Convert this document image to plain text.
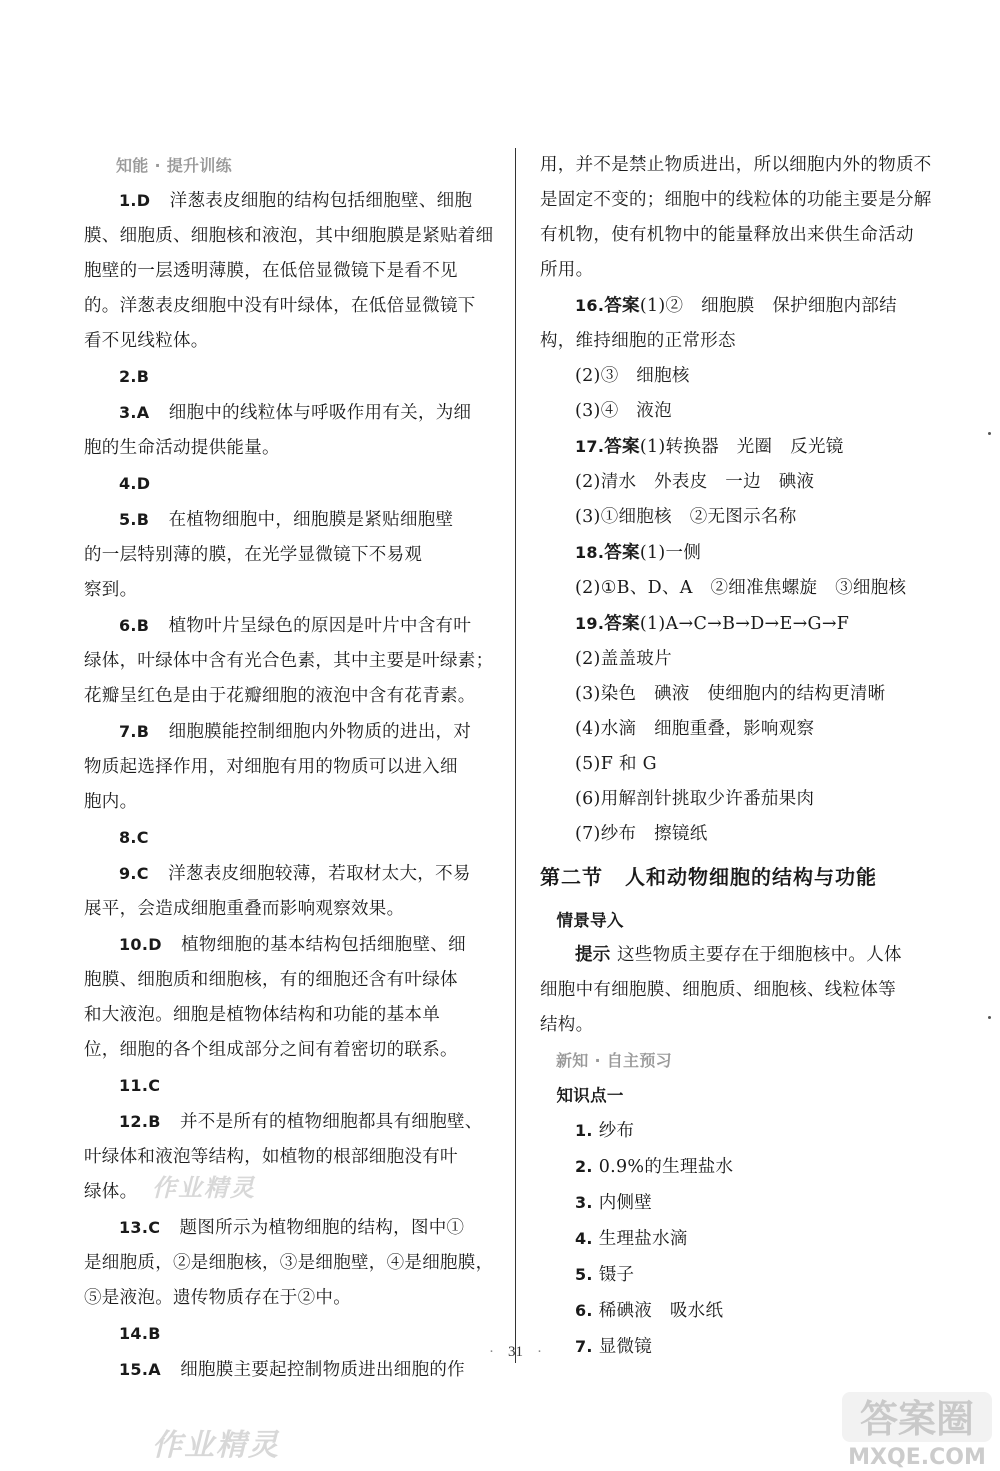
知能 · 提升训练

1.D 洋葱表皮细胞的结构包括细胞壁、细胞

膜、细胞质、细胞核和液泡，其中细胞膜是紧贴着细

胞壁的一层透明薄膜，在低倍显微镜下是看不见

的。洋葱表皮细胞中没有叶绿体，在低倍显微镜下

看不见线粒体。

2.B

3.A 细胞中的线粒体与呼吸作用有关，为细

胞的生命活动提供能量。

4.D

5.B 在植物细胞中，细胞膜是紧贴细胞壁

的一层特别薄的膜，在光学显微镜下不易观

察到。

6.B 植物叶片呈绿色的原因是叶片中含有叶

绿体，叶绿体中含有光合色素，其中主要是叶绿素；

花瓣呈红色是由于花瓣细胞的液泡中含有花青素。

7.B 细胞膜能控制细胞内外物质的进出，对

物质起选择作用，对细胞有用的物质可以进入细

胞内。

8.C

9.C 洋葱表皮细胞较薄，若取材太大，不易

展平，会造成细胞重叠而影响观察效果。

10.D 植物细胞的基本结构包括细胞壁、细

胞膜、细胞质和细胞核，有的细胞还含有叶绿体

和大液泡。细胞是植物体结构和功能的基本单

位，细胞的各个组成部分之间有着密切的联系。

11.C

12.B 并不是所有的植物细胞都具有细胞壁、

叶绿体和液泡等结构，如植物的根部细胞没有叶

绿体。

13.C 题图所示为植物细胞的结构，图中①

是细胞质，②是细胞核，③是细胞壁，④是细胞膜，

⑤是液泡。遗传物质存在于②中。

14.B

15.A 细胞膜主要起控制物质进出细胞的作

用，并不是禁止物质进出，所以细胞内外的物质不

是固定不变的；细胞中的线粒体的功能主要是分解

有机物，使有机物中的能量释放出来供生命活动

所用。

16.答案(1)②　细胞膜　保护细胞内部结

构，维持细胞的正常形态

(2)③　细胞核

(3)④　液泡

17.答案(1)转换器　光圈　反光镜

(2)清水　外表皮　一边　碘液

(3)①细胞核　②无图示名称

18.答案(1)一侧

(2)①B、D、A　②细准焦螺旋　③细胞核

19.答案(1)A→C→B→D→E→G→F

(2)盖盖玻片

(3)染色　碘液　使细胞内的结构更清晰

(4)水滴　细胞重叠，影响观察

(5)F 和 G

(6)用解剖针挑取少许番茄果肉

(7)纱布　擦镜纸

第二节 人和动物细胞的结构与功能

情景导入

提示 这些物质主要存在于细胞核中。人体

细胞中有细胞膜、细胞质、细胞核、线粒体等

结构。

新知 · 自主预习

知识点一

1. 纱布

2. 0.9%的生理盐水

3. 内侧壁

4. 生理盐水滴

5. 镊子

6. 稀碘液　吸水纸

7. 显微镜

· 31 ·
作业精灵
作业精灵
答案圈
MXQE.COM
